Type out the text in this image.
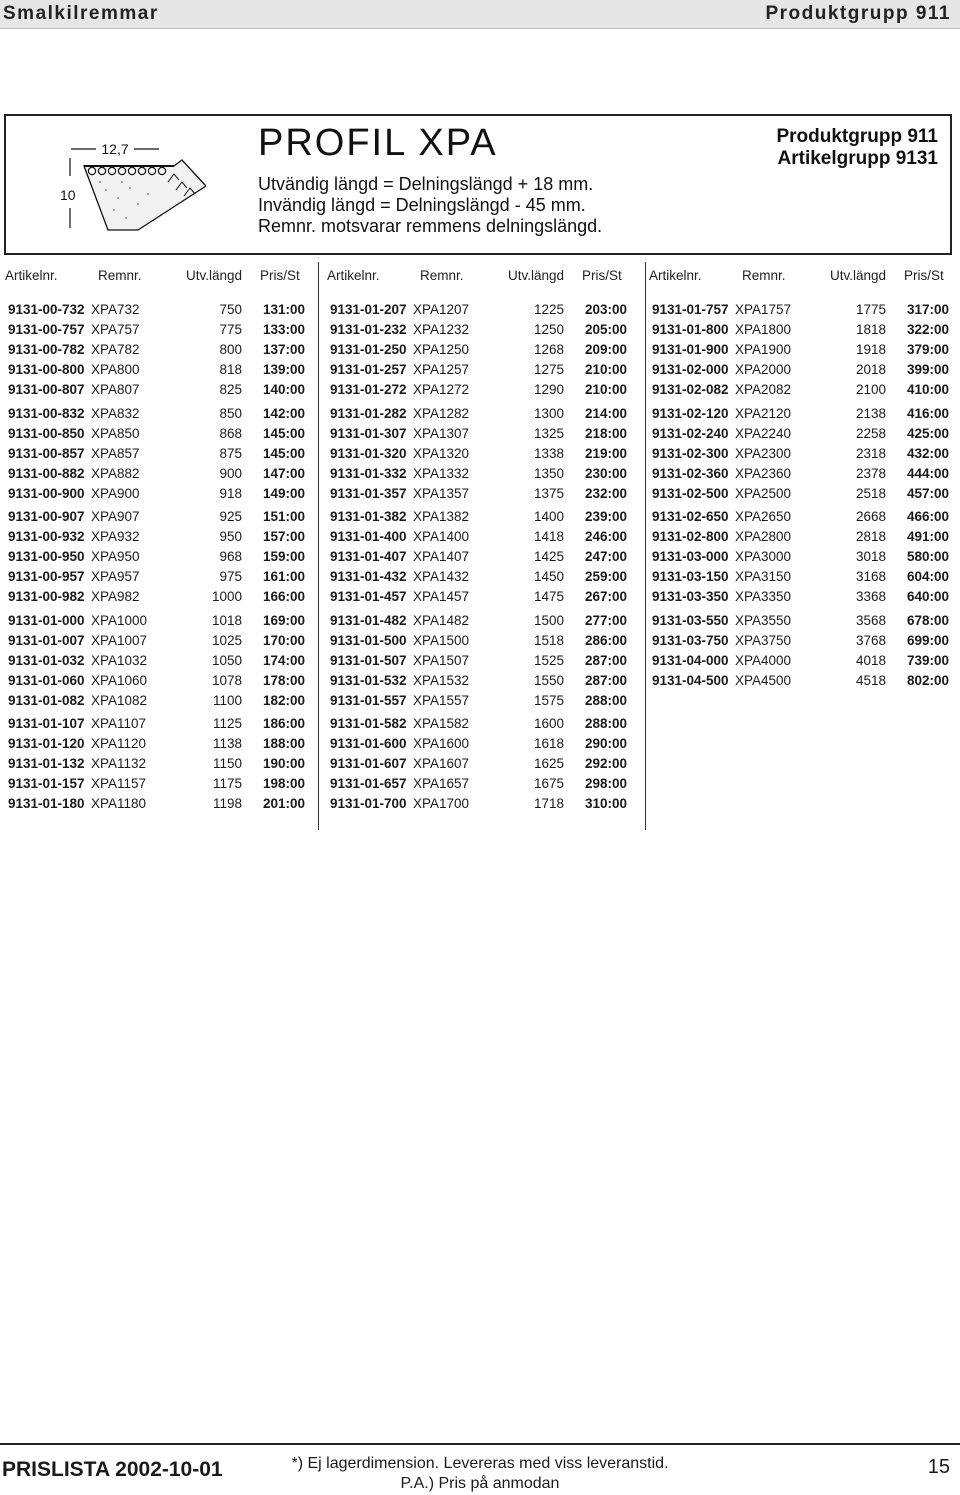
Smalkilremmar	Produktgrupp 911
12,7
10
PROFIL XPA
Utvändig längd = Delningslängd + 18 mm.
Invändig längd = Delningslängd - 45 mm.
Remnr. motsvarar remmens delningslängd.
Produktgrupp 911
Artikelgrupp 9131
Artikelnr.	Remnr.	Utv.längd Pris/St Artikelnr.	Remnr.	Utv.längd Pris/St Artikelnr.	Remnr.	Utv.längd Pris/St
9131-00-732 XPA732	750	131:00
9131-00-757 XPA757	775	133:00
9131-00-782 XPA782	800	137:00
9131-00-800 XPA800	818	139:00
9131-00-807 XPA807	825	140:00
9131-00-832 XPA832	850	142:00
9131-00-850 XPA850	868	145:00
9131-00-857 XPA857	875	145:00
9131-00-882 XPA882	900	147:00
9131-00-900 XPA900	918	149:00
9131-00-907 XPA907	925	151:00
9131-00-932 XPA932	950	157:00
9131-00-950 XPA950	968	159:00
9131-00-957 XPA957	975	161:00
9131-00-982 XPA982	1000	166:00
9131-01-000 XPA1000	1018	169:00
9131-01-007 XPA1007	1025	170:00
9131-01-032 XPA1032	1050	174:00
9131-01-060 XPA1060	1078	178:00
9131-01-082 XPA1082	1100	182:00
9131-01-107 XPA1107	1125	186:00
9131-01-120 XPA1120	1138	188:00
9131-01-132 XPA1132	1150	190:00
9131-01-157 XPA1157	1175	198:00
9131-01-180 XPA1180	1198	201:00
9131-01-207 XPA1207	1225	203:00
9131-01-232 XPA1232	1250	205:00
9131-01-250 XPA1250	1268	209:00
9131-01-257 XPA1257	1275	210:00
9131-01-272 XPA1272	1290	210:00
9131-01-282 XPA1282	1300	214:00
9131-01-307 XPA1307	1325	218:00
9131-01-320 XPA1320	1338	219:00
9131-01-332 XPA1332	1350	230:00
9131-01-357 XPA1357	1375	232:00
9131-01-382 XPA1382	1400	239:00
9131-01-400 XPA1400	1418	246:00
9131-01-407 XPA1407	1425	247:00
9131-01-432 XPA1432	1450	259:00
9131-01-457 XPA1457	1475	267:00
9131-01-482 XPA1482	1500	277:00
9131-01-500 XPA1500	1518	286:00
9131-01-507 XPA1507	1525	287:00
9131-01-532 XPA1532	1550	287:00
9131-01-557 XPA1557	1575	288:00
9131-01-582 XPA1582	1600	288:00
9131-01-600 XPA1600	1618	290:00
9131-01-607 XPA1607	1625	292:00
9131-01-657 XPA1657	1675	298:00
9131-01-700 XPA1700	1718	310:00
9131-01-757 XPA1757	1775	317:00
9131-01-800 XPA1800	1818	322:00
9131-01-900 XPA1900	1918	379:00
9131-02-000 XPA2000	2018	399:00
9131-02-082 XPA2082	2100	410:00
9131-02-120 XPA2120	2138	416:00
9131-02-240 XPA2240	2258	425:00
9131-02-300 XPA2300	2318	432:00
9131-02-360 XPA2360	2378	444:00
9131-02-500 XPA2500	2518	457:00
9131-02-650 XPA2650	2668	466:00
9131-02-800 XPA2800	2818	491:00
9131-03-000 XPA3000	3018	580:00
9131-03-150 XPA3150	3168	604:00
9131-03-350 XPA3350	3368	640:00
9131-03-550 XPA3550	3568	678:00
9131-03-750 XPA3750	3768	699:00
9131-04-000 XPA4000	4018	739:00
9131-04-500 XPA4500	4518	802:00
PRISLISTA 2002-10-01	*) Ej lagerdimension. Levereras med viss leveranstid.
P.A.) Pris på anmodan
15
